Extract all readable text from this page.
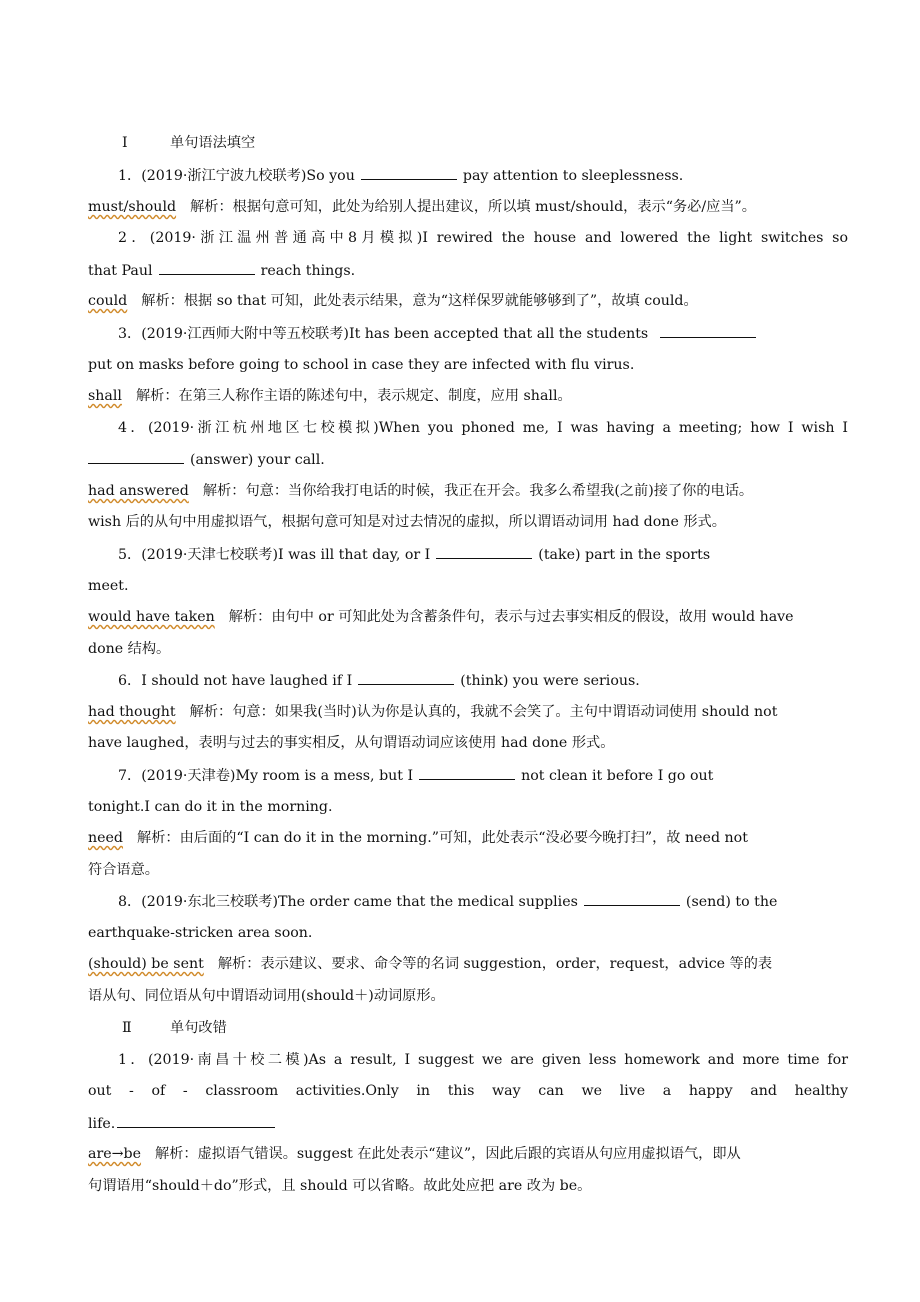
Ⅰ	单句语法填空
1．(2019·浙江宁波九校联考)So you	pay attention to sleeplessness.
must/should 解析：根据句意可知，此处为给别人提出建议，所以填 must/should，表示“务必/应当”。
2．(2019·浙江温州普通高中8月模拟)I rewired the house and lowered the light switches so
that Paul	reach things.
could 解析：根据 so that 可知，此处表示结果，意为“这样保罗就能够够到了”，故填 could。
3．(2019·江西师大附中等五校联考)It has been accepted that all the students
put on masks before going to school in case they are infected with flu virus.
shall 解析：在第三人称作主语的陈述句中，表示规定、制度，应用 shall。
4．(2019·浙江杭州地区七校模拟)When you phoned me, I was having a meeting; how I wish I
(answer) your call.
had answered 解析：句意：当你给我打电话的时候，我正在开会。我多么希望我(之前)接了你的电话。
wish 后的从句中用虚拟语气，根据句意可知是对过去情况的虚拟，所以谓语动词用 had done 形式。
5．(2019·天津七校联考)I was ill that day, or I	(take) part in the sports
meet.
would have taken 解析：由句中 or 可知此处为含蓄条件句，表示与过去事实相反的假设，故用 would have
done 结构。
6．I should not have laughed if I	(think) you were serious.
had thought 解析：句意：如果我(当时)认为你是认真的，我就不会笑了。主句中谓语动词使用 should not
have laughed，表明与过去的事实相反，从句谓语动词应该使用 had done 形式。
7．(2019·天津卷)My room is a mess, but I	not clean it before I go out
tonight.I can do it in the morning.
need 解析：由后面的“I can do it in the morning.”可知，此处表示“没必要今晚打扫”，故 need not
符合语意。
8．(2019·东北三校联考)The order came that the medical supplies	(send) to the
earthquake-stricken area soon.
(should) be sent 解析：表示建议、要求、命令等的名词 suggestion，order，request，advice 等的表
语从句、同位语从句中谓语动词用(should＋)动词原形。
Ⅱ	单句改错
1．(2019·南昌十校二模)As a result, I suggest we are given less homework and more time for
out - of - classroom activities.Only in this way can we live a happy and healthy
life.
are→be 解析：虚拟语气错误。suggest 在此处表示“建议”，因此后跟的宾语从句应用虚拟语气，即从
句谓语用“should＋do”形式，且 should 可以省略。故此处应把 are 改为 be。
